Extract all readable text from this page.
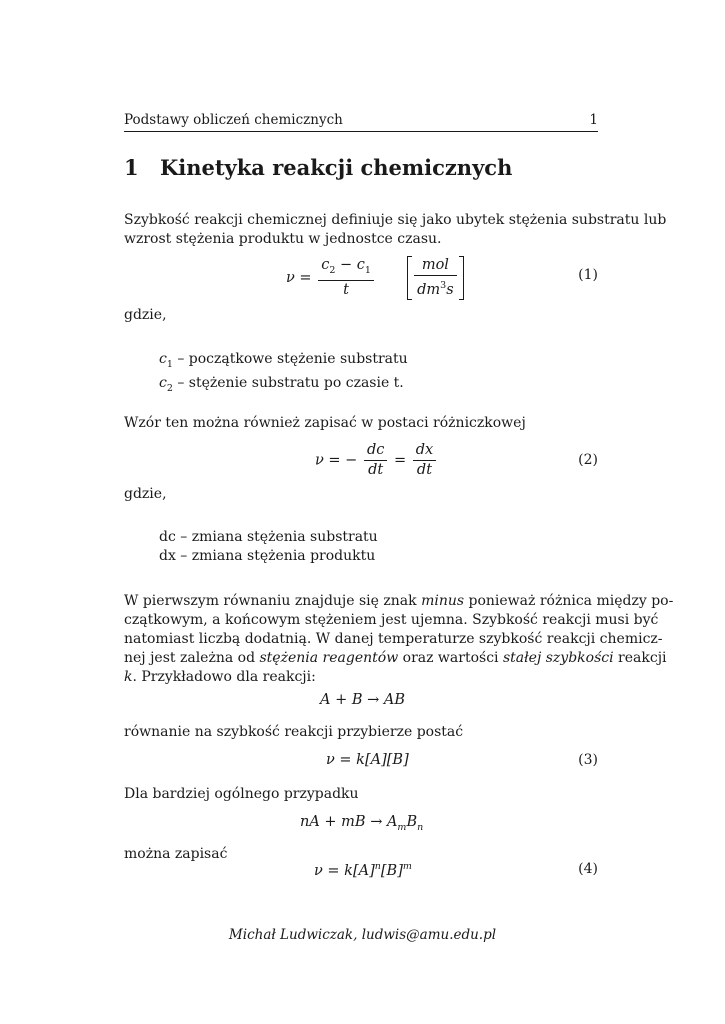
Podstawy obliczeń chemicznych	1
1 Kinetyka reakcji chemicznych
Szybkość reakcji chemicznej definiuje się jako ubytek stężenia substratu lub
wzrost stężenia produktu w jednostce czasu.
$\nu = \frac{c_2 - c_1}{t}$
	$\frac{\text{mol}}{dm^3s}$	(1)
gdzie,
$c_1$ – początkowe stężenie substratu
$c_2$ – stężenie substratu po czasie t.
Wzór ten można również zapisać w postaci różniczkowej
ν = − $\frac{dc}{dt} = \frac{dx}{dt}$	(2)
gdzie,
dc – zmiana stężenia substratu
dx – zmiana stężenia produktu
W pierwszym równaniu znajduje się znak minus ponieważ różnica między po-
czątkowym, a końcowym stężeniem jest ujemna. Szybkość reakcji musi być
natomiast liczbą dodatnią. W danej temperaturze szybkość reakcji chemicz-
nej jest zależna od stężenia reagentów oraz wartości stałej szybkości reakcji
k. Przykładowo dla reakcji:
A + B → AB
równanie na szybkość reakcji przybierze postać
ν = k[A][B]	(3)
Dla bardziej ogólnego przypadku
nA + mB → $A_mB_n$
można zapisać
$\nu = k[A]^n[B]^m$	(4)
Michał Ludwiczak, ludwis@amu.edu.pl
